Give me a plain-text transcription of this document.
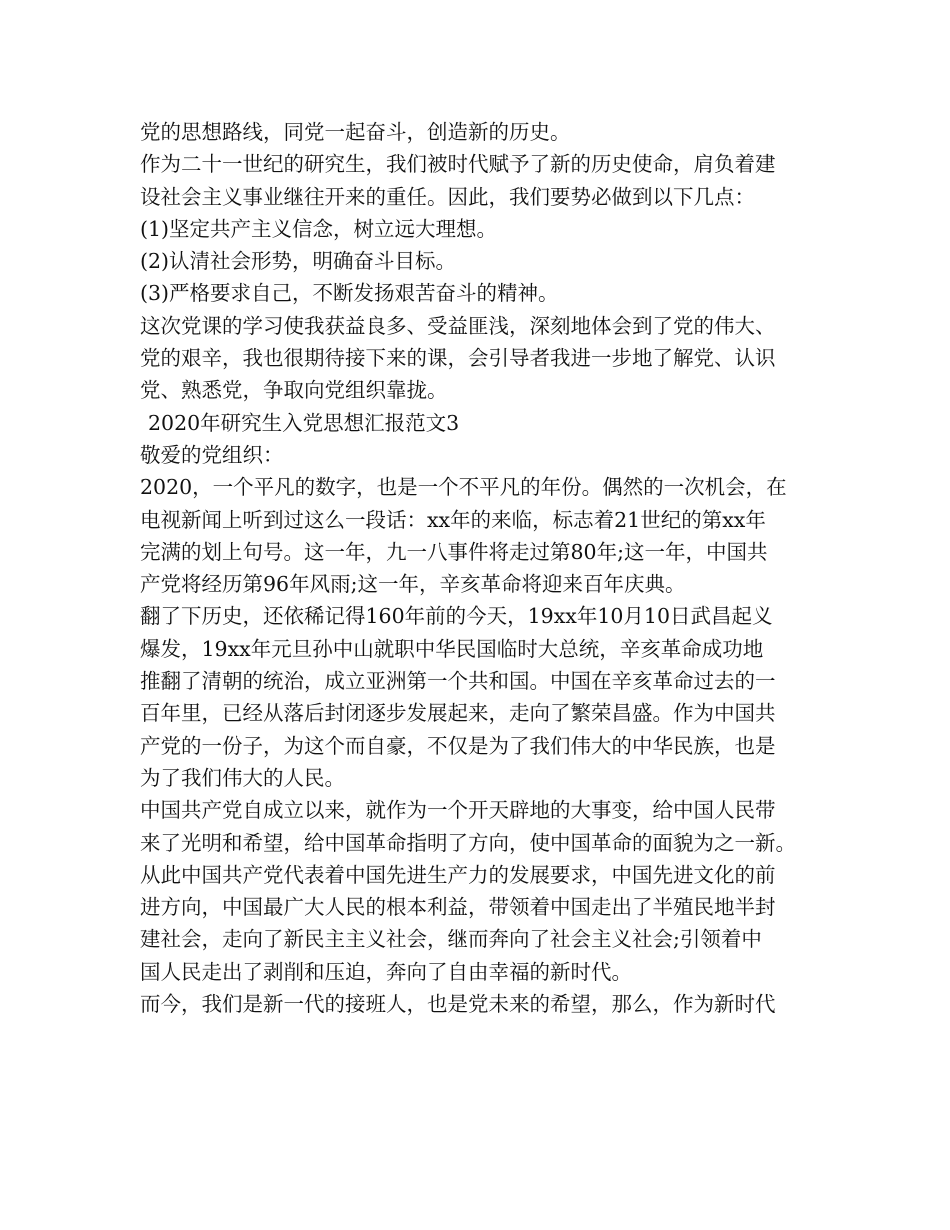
党的思想路线，同党一起奋斗，创造新的历史。
作为二十一世纪的研究生，我们被时代赋予了新的历史使命，肩负着建
设社会主义事业继往开来的重任。因此，我们要势必做到以下几点：
(1)坚定共产主义信念，树立远大理想。
(2)认清社会形势，明确奋斗目标。
(3)严格要求自己，不断发扬艰苦奋斗的精神。
这次党课的学习使我获益良多、受益匪浅，深刻地体会到了党的伟大、
党的艰辛，我也很期待接下来的课，会引导者我进一步地了解党、认识
党、熟悉党，争取向党组织靠拢。
2020年研究生入党思想汇报范文3
敬爱的党组织：
2020，一个平凡的数字，也是一个不平凡的年份。偶然的一次机会，在
电视新闻上听到过这么一段话：xx年的来临，标志着21世纪的第xx年
完满的划上句号。这一年，九一八事件将走过第80年;这一年，中国共
产党将经历第96年风雨;这一年，辛亥革命将迎来百年庆典。
翻了下历史，还依稀记得160年前的今天，19xx年10月10日武昌起义
爆发，19xx年元旦孙中山就职中华民国临时大总统，辛亥革命成功地
推翻了清朝的统治，成立亚洲第一个共和国。中国在辛亥革命过去的一
百年里，已经从落后封闭逐步发展起来，走向了繁荣昌盛。作为中国共
产党的一份子，为这个而自豪，不仅是为了我们伟大的中华民族，也是
为了我们伟大的人民。
中国共产党自成立以来，就作为一个开天辟地的大事变，给中国人民带
来了光明和希望，给中国革命指明了方向，使中国革命的面貌为之一新。
从此中国共产党代表着中国先进生产力的发展要求，中国先进文化的前
进方向，中国最广大人民的根本利益，带领着中国走出了半殖民地半封
建社会，走向了新民主主义社会，继而奔向了社会主义社会;引领着中
国人民走出了剥削和压迫，奔向了自由幸福的新时代。
而今，我们是新一代的接班人，也是党未来的希望，那么，作为新时代
